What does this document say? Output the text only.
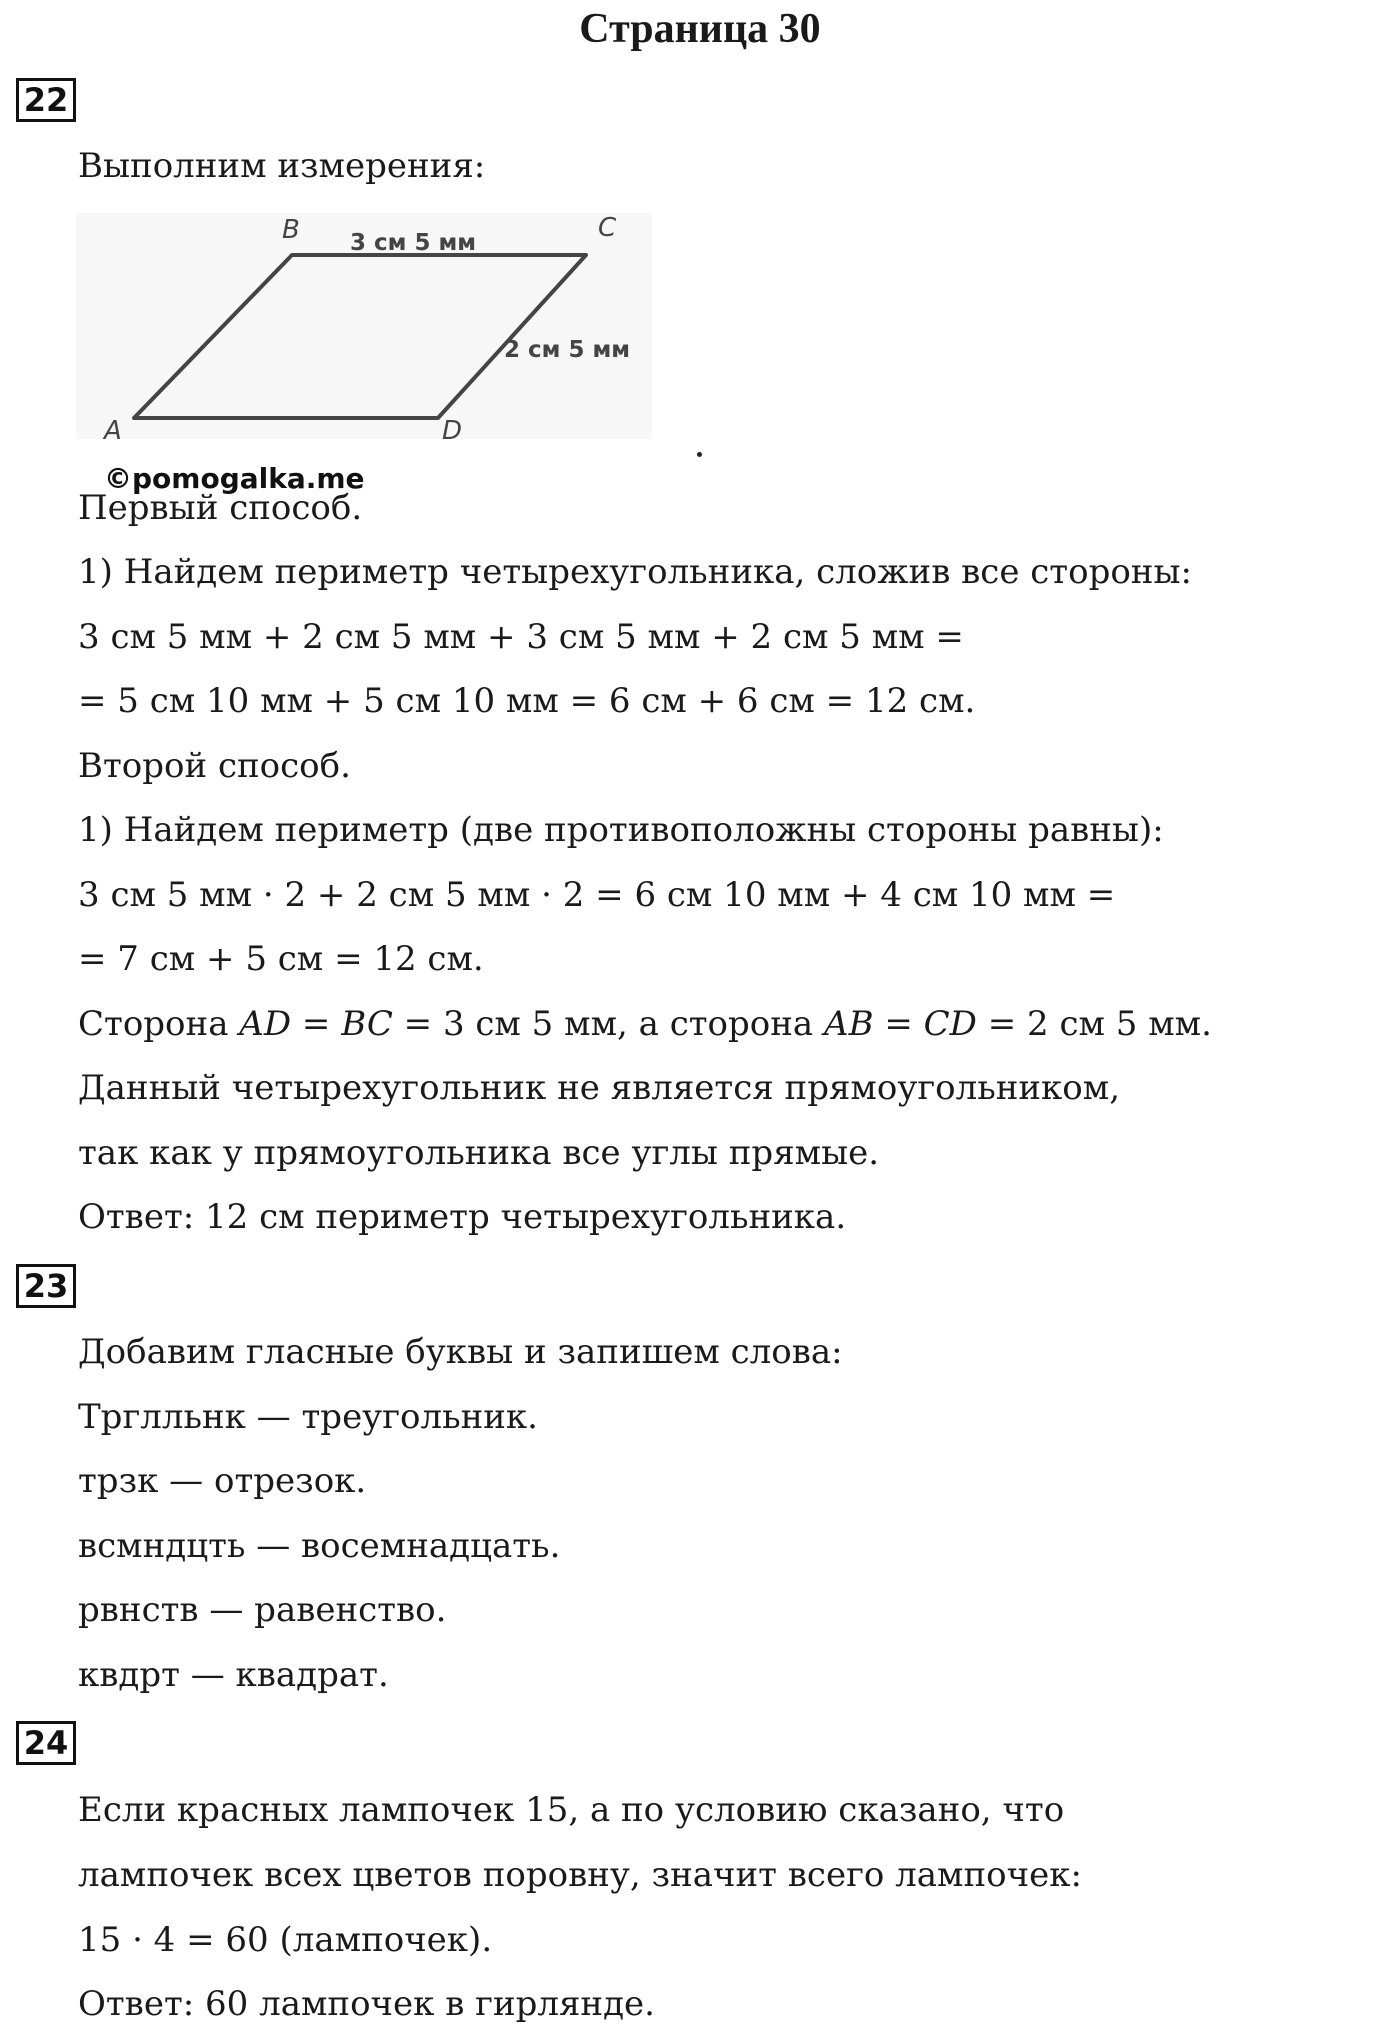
Страница 30
22
Выполним измерения:
A
B	C
D
3 см 5 мм
2 см 5 мм
©pomogalka.me
Первый способ.
1) Найдем периметр четырехугольника, сложив все стороны:
3 см 5 мм + 2 см 5 мм + 3 см 5 мм + 2 см 5 мм =
= 5 см 10 мм + 5 см 10 мм = 6 см + 6 см = 12 см.
Второй способ.
1) Найдем периметр (две противоположны стороны равны):
3 см 5 мм · 2 + 2 см 5 мм · 2 = 6 см 10 мм + 4 см 10 мм =
= 7 см + 5 см = 12 см.
Сторона AD = BC = 3 см 5 мм, а сторона AB = CD = 2 см 5 мм.
Данный четырехугольник не является прямоугольником,
так как у прямоугольника все углы прямые.
Ответ: 12 см периметр четырехугольника.
23
Добавим гласные буквы и запишем слова:
Трглльнк — треугольник.
трзк — отрезок.
всмндцть — восемнадцать.
рвнств — равенство.
квдрт — квадрат.
24
Если красных лампочек 15, а по условию сказано, что
лампочек всех цветов поровну, значит всего лампочек:
15 · 4 = 60 (лампочек).
Ответ: 60 лампочек в гирлянде.
